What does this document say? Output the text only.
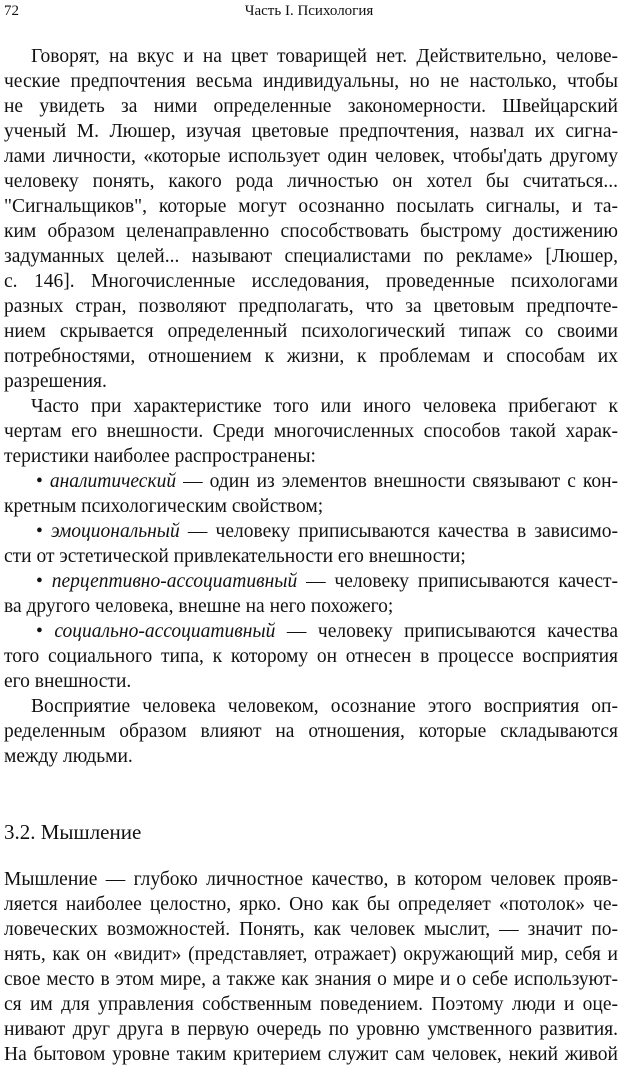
72	Часть I. Психология
Говорят, на вкус и на цвет товарищей нет. Действительно, челове-
ческие предпочтения весьма индивидуальны, но не настолько, чтобы
не увидеть за ними определенные закономерности. Швейцарский
ученый М. Люшер, изучая цветовые предпочтения, назвал их сигна-
лами личности, «которые использует один человек, чтобы'дать другому
человеку понять, какого рода личностью он хотел бы считаться...
"Сигнальщиков", которые могут осознанно посылать сигналы, и та-
ким образом целенаправленно способствовать быстрому достижению
задуманных целей... называют специалистами по рекламе» [Люшер,
с. 146]. Многочисленные исследования, проведенные психологами
разных стран, позволяют предполагать, что за цветовым предпочте-
нием скрывается определенный психологический типаж со своими
потребностями, отношением к жизни, к проблемам и способам их
разрешения.
Часто при характеристике того или иного человека прибегают к
чертам его внешности. Среди многочисленных способов такой харак-
теристики наиболее распространены:
• аналитический — один из элементов внешности связывают с кон-
кретным психологическим свойством;
• эмоциональный — человеку приписываются качества в зависимо-
сти от эстетической привлекательности его внешности;
• перцептивно-ассоциативный — человеку приписываются качест-
ва другого человека, внешне на него похожего;
• социально-ассоциативный — человеку приписываются качества
того социального типа, к которому он отнесен в процессе восприятия
его внешности.
Восприятие человека человеком, осознание этого восприятия оп-
ределенным образом влияют на отношения, которые складываются
между людьми.
3.2. Мышление
Мышление — глубоко личностное качество, в котором человек прояв-
ляется наиболее целостно, ярко. Оно как бы определяет «потолок» че-
ловеческих возможностей. Понять, как человек мыслит, — значит по-
нять, как он «видит» (представляет, отражает) окружающий мир, себя и
свое место в этом мире, а также как знания о мире и о себе используют-
ся им для управления собственным поведением. Поэтому люди и оце-
нивают друг друга в первую очередь по уровню умственного развития.
На бытовом уровне таким критерием служит сам человек, некий живой
